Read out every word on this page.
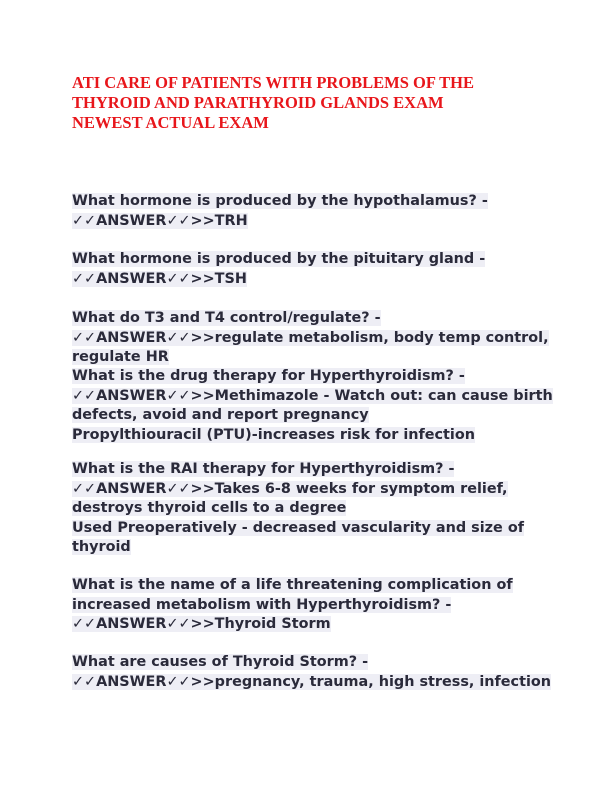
ATI CARE OF PATIENTS WITH PROBLEMS OF THE
THYROID AND PARATHYROID GLANDS EXAM
NEWEST ACTUAL EXAM
What hormone is produced by the hypothalamus? -
✓✓ANSWER✓✓>>TRH
What hormone is produced by the pituitary gland -
✓✓ANSWER✓✓>>TSH
What do T3 and T4 control/regulate? -
✓✓ANSWER✓✓>>regulate metabolism, body temp control,
regulate HR
What is the drug therapy for Hyperthyroidism? -
✓✓ANSWER✓✓>>Methimazole - Watch out: can cause birth
defects, avoid and report pregnancy
Propylthiouracil (PTU)-increases risk for infection
What is the RAI therapy for Hyperthyroidism? -
✓✓ANSWER✓✓>>Takes 6-8 weeks for symptom relief,
destroys thyroid cells to a degree
Used Preoperatively - decreased vascularity and size of
thyroid
What is the name of a life threatening complication of
increased metabolism with Hyperthyroidism? -
✓✓ANSWER✓✓>>Thyroid Storm
What are causes of Thyroid Storm? -
✓✓ANSWER✓✓>>pregnancy, trauma, high stress, infection
